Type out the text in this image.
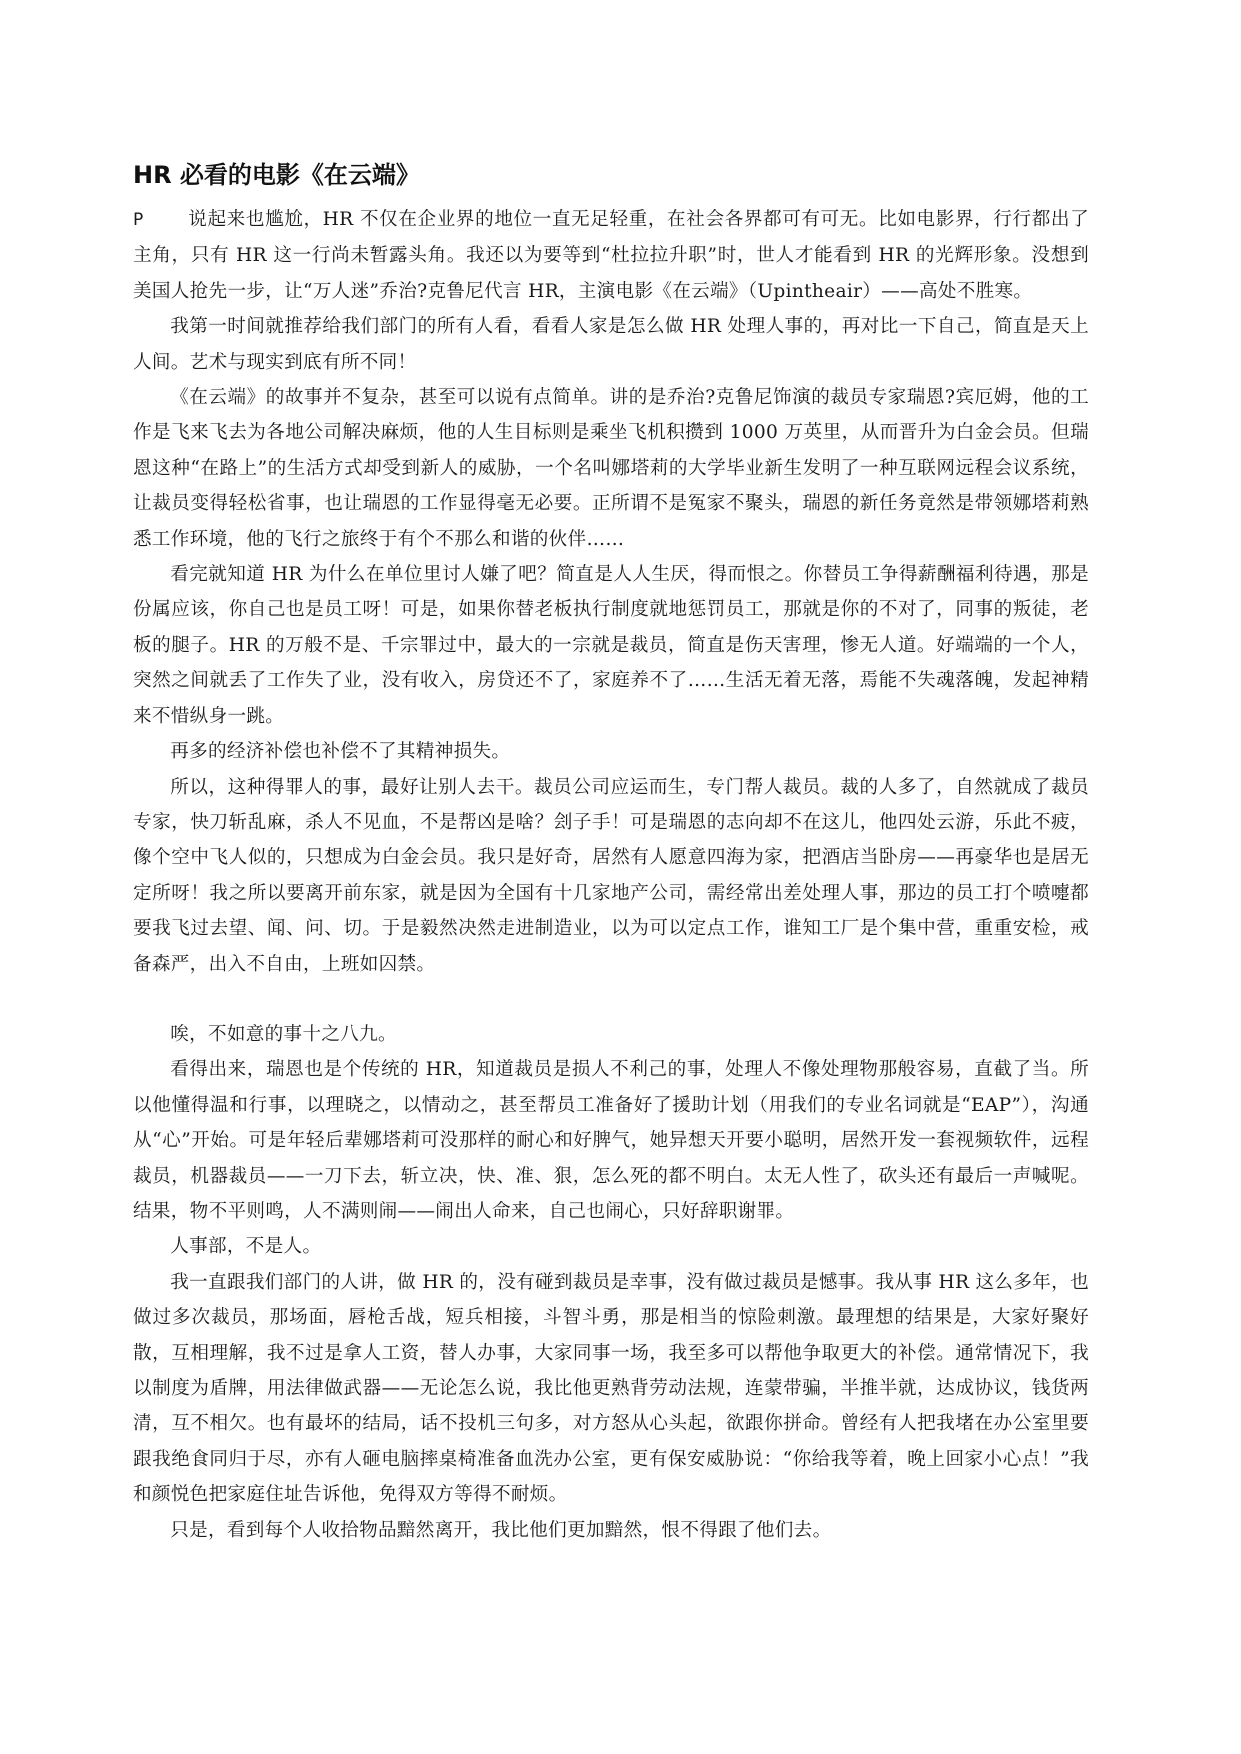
HR 必看的电影《在云端》

P 说起来也尴尬，HR 不仅在企业界的地位一直无足轻重，在社会各界都可有可无。比如电影界，行行都出了主角，只有 HR 这一行尚未暂露头角。我还以为要等到“杜拉拉升职”时，世人才能看到 HR 的光辉形象。没想到美国人抢先一步，让“万人迷”乔治?克鲁尼代言 HR，主演电影《在云端》（Upintheair）——高处不胜寒。

我第一时间就推荐给我们部门的所有人看，看看人家是怎么做 HR 处理人事的，再对比一下自己，简直是天上人间。艺术与现实到底有所不同！

《在云端》的故事并不复杂，甚至可以说有点简单。讲的是乔治?克鲁尼饰演的裁员专家瑞恩?宾厄姆，他的工作是飞来飞去为各地公司解决麻烦，他的人生目标则是乘坐飞机积攒到 1000 万英里，从而晋升为白金会员。但瑞恩这种“在路上”的生活方式却受到新人的威胁，一个名叫娜塔莉的大学毕业新生发明了一种互联网远程会议系统，让裁员变得轻松省事，也让瑞恩的工作显得毫无必要。正所谓不是冤家不聚头，瑞恩的新任务竟然是带领娜塔莉熟悉工作环境，他的飞行之旅终于有个不那么和谐的伙伴……

看完就知道 HR 为什么在单位里讨人嫌了吧？简直是人人生厌，得而恨之。你替员工争得薪酬福利待遇，那是份属应该，你自己也是员工呀！可是，如果你替老板执行制度就地惩罚员工，那就是你的不对了，同事的叛徒，老板的腿子。HR 的万般不是、千宗罪过中，最大的一宗就是裁员，简直是伤天害理，惨无人道。好端端的一个人，突然之间就丢了工作失了业，没有收入，房贷还不了，家庭养不了……生活无着无落，焉能不失魂落魄，发起神精来不惜纵身一跳。

再多的经济补偿也补偿不了其精神损失。

所以，这种得罪人的事，最好让别人去干。裁员公司应运而生，专门帮人裁员。裁的人多了，自然就成了裁员专家，快刀斩乱麻，杀人不见血，不是帮凶是啥？刽子手！可是瑞恩的志向却不在这儿，他四处云游，乐此不疲，像个空中飞人似的，只想成为白金会员。我只是好奇，居然有人愿意四海为家，把酒店当卧房——再豪华也是居无定所呀！我之所以要离开前东家，就是因为全国有十几家地产公司，需经常出差处理人事，那边的员工打个喷嚏都要我飞过去望、闻、问、切。于是毅然决然走进制造业，以为可以定点工作，谁知工厂是个集中营，重重安检，戒备森严，出入不自由，上班如囚禁。

唉，不如意的事十之八九。

看得出来，瑞恩也是个传统的 HR，知道裁员是损人不利己的事，处理人不像处理物那般容易，直截了当。所以他懂得温和行事，以理晓之，以情动之，甚至帮员工准备好了援助计划（用我们的专业名词就是“EAP”），沟通从“心”开始。可是年轻后辈娜塔莉可没那样的耐心和好脾气，她异想天开要小聪明，居然开发一套视频软件，远程裁员，机器裁员——一刀下去，斩立决，快、准、狠，怎么死的都不明白。太无人性了，砍头还有最后一声喊呢。结果，物不平则鸣，人不满则闹——闹出人命来，自己也闹心，只好辞职谢罪。

人事部，不是人。

我一直跟我们部门的人讲，做 HR 的，没有碰到裁员是幸事，没有做过裁员是憾事。我从事 HR 这么多年，也做过多次裁员，那场面，唇枪舌战，短兵相接，斗智斗勇，那是相当的惊险刺激。最理想的结果是，大家好聚好散，互相理解，我不过是拿人工资，替人办事，大家同事一场，我至多可以帮他争取更大的补偿。通常情况下，我以制度为盾牌，用法律做武器——无论怎么说，我比他更熟背劳动法规，连蒙带骗，半推半就，达成协议，钱货两清，互不相欠。也有最坏的结局，话不投机三句多，对方怒从心头起，欲跟你拼命。曾经有人把我堵在办公室里要跟我绝食同归于尽，亦有人砸电脑摔桌椅准备血洗办公室，更有保安威胁说：“你给我等着，晚上回家小心点！”我和颜悦色把家庭住址告诉他，免得双方等得不耐烦。

只是，看到每个人收拾物品黯然离开，我比他们更加黯然，恨不得跟了他们去。
